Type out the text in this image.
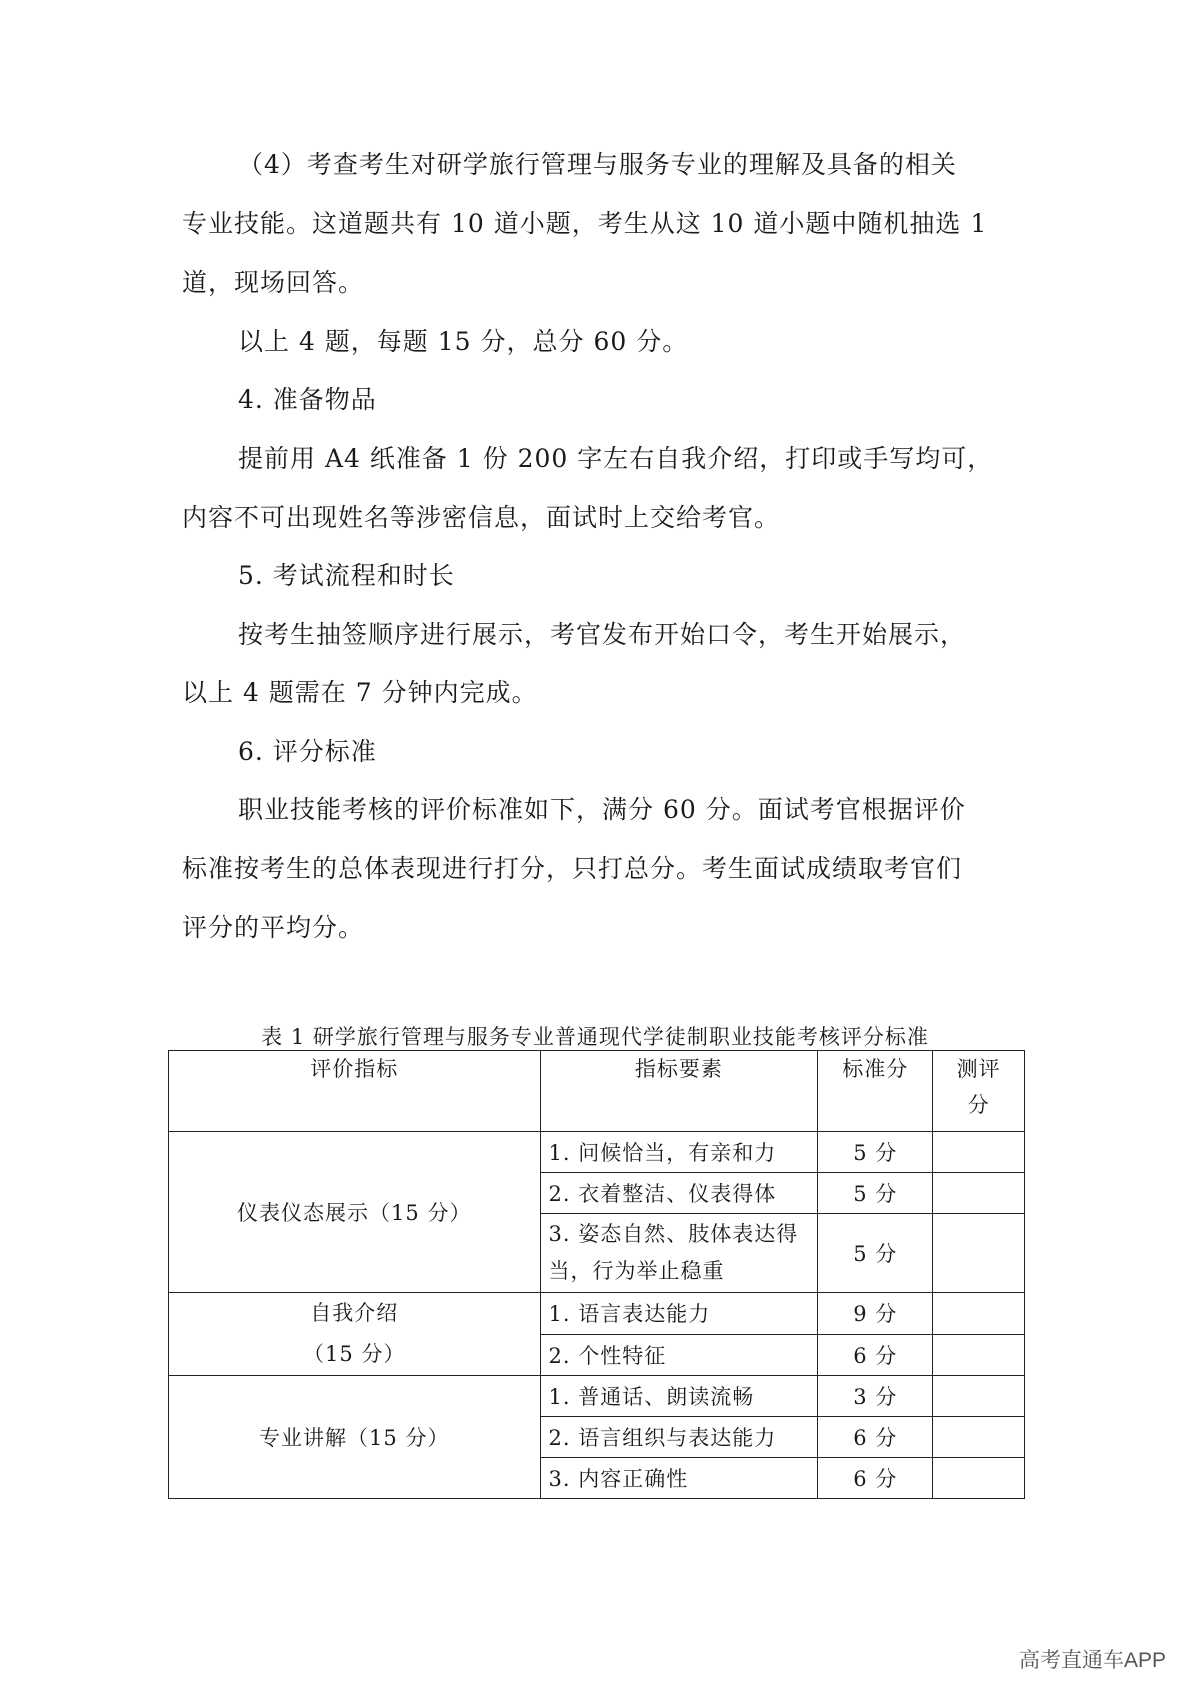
（4）考查考生对研学旅行管理与服务专业的理解及具备的相关

专业技能。这道题共有 10 道小题，考生从这 10 道小题中随机抽选 1

道，现场回答。

以上 4 题，每题 15 分，总分 60 分。

4. 准备物品

提前用 A4 纸准备 1 份 200 字左右自我介绍，打印或手写均可，

内容不可出现姓名等涉密信息，面试时上交给考官。

5. 考试流程和时长

按考生抽签顺序进行展示，考官发布开始口令，考生开始展示，

以上 4 题需在 7 分钟内完成。

6. 评分标准

职业技能考核的评价标准如下，满分 60 分。面试考官根据评价

标准按考生的总体表现进行打分，只打总分。考生面试成绩取考官们

评分的平均分。

表 1 研学旅行管理与服务专业普通现代学徒制职业技能考核评分标准
评价指标	指标要素	标准分	测评
分
仪表仪态展示（15 分）	1. 问候恰当，有亲和力	5 分	
	2. 衣着整洁、仪表得体	5 分	
	3. 姿态自然、肢体表达得
当，行为举止稳重	5 分	
自我介绍
（15 分）	1. 语言表达能力	9 分	
	2. 个性特征	6 分	
专业讲解（15 分）	1. 普通话、朗读流畅	3 分	
	2. 语言组织与表达能力	6 分	
	3. 内容正确性	6 分	
高考直通车APP
